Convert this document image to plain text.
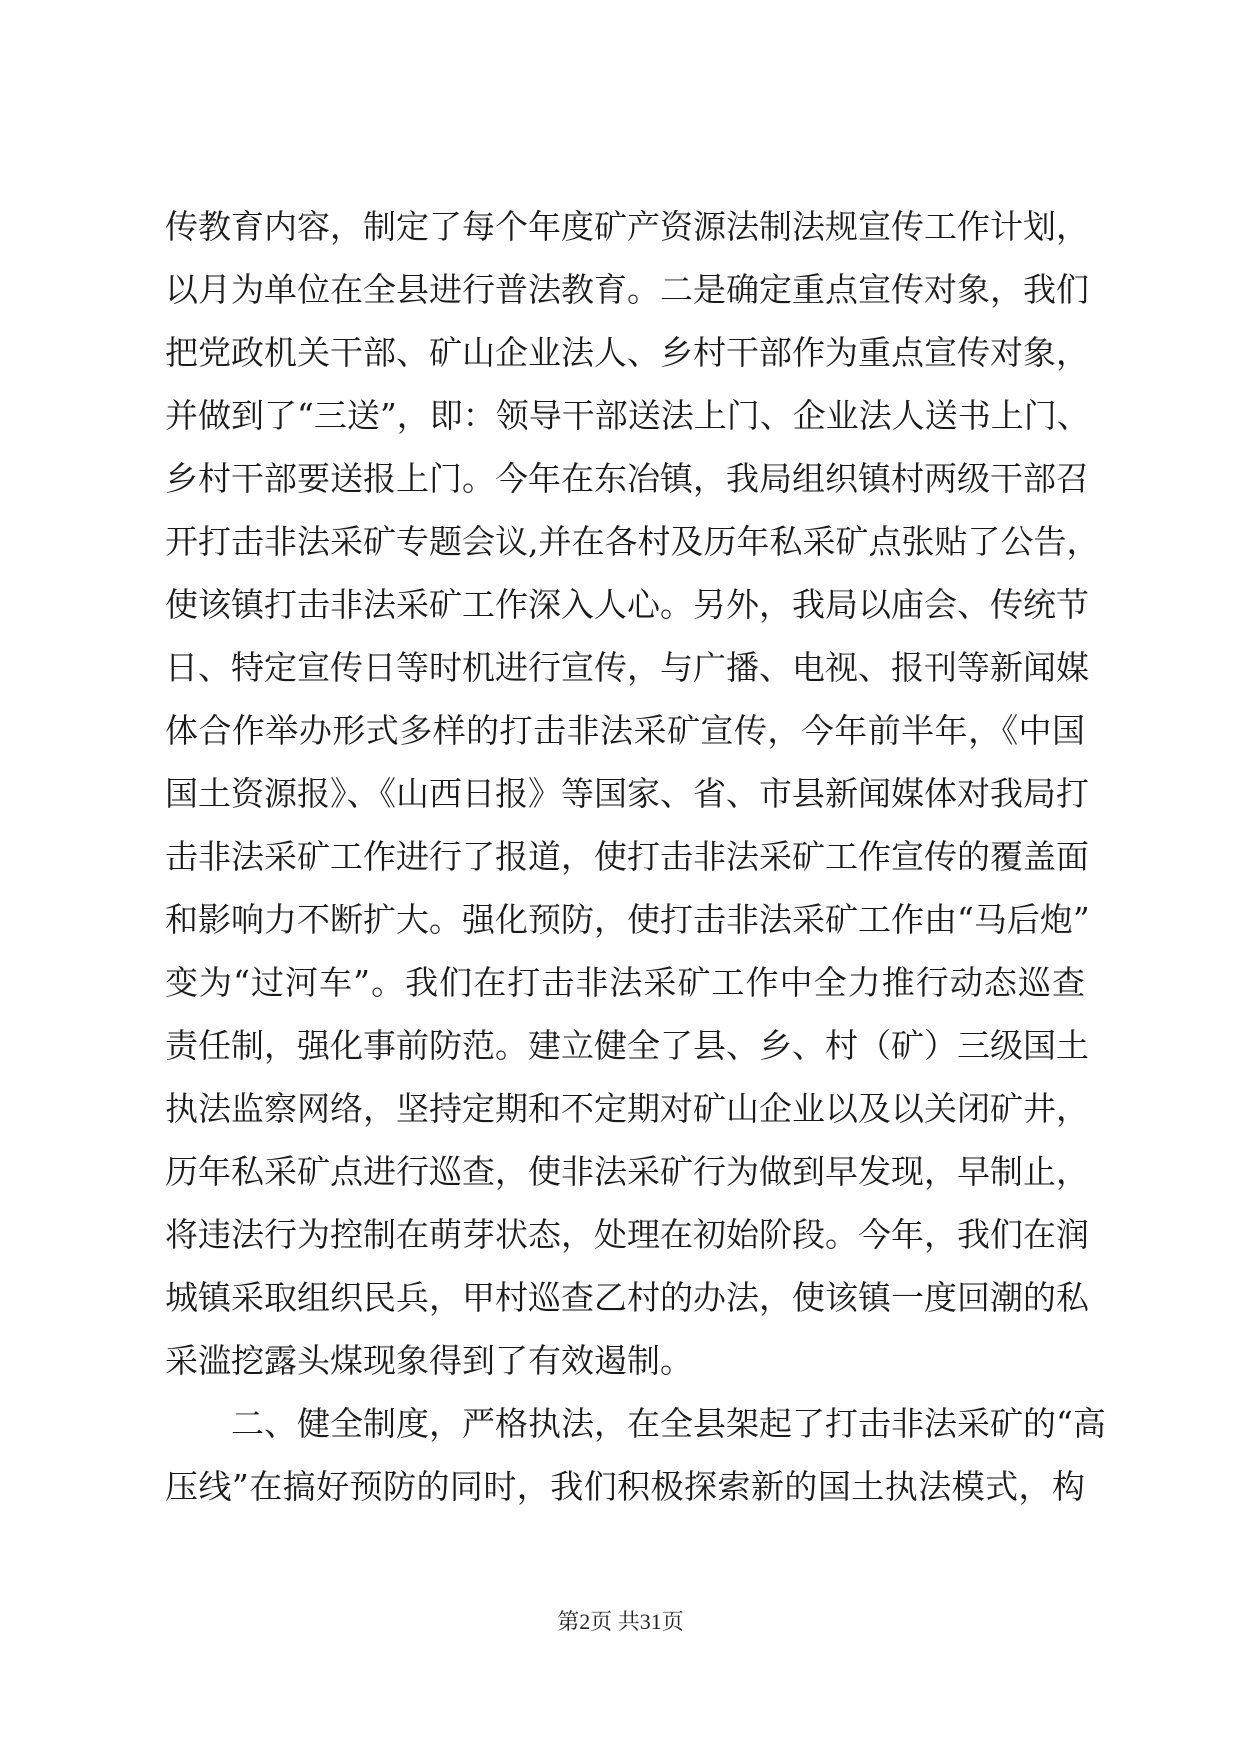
传教育内容，制定了每个年度矿产资源法制法规宣传工作计划，
以月为单位在全县进行普法教育。二是确定重点宣传对象，我们
把党政机关干部、矿山企业法人、乡村干部作为重点宣传对象，
并做到了“三送”，即：领导干部送法上门、企业法人送书上门、
乡村干部要送报上门。今年在东冶镇，我局组织镇村两级干部召
开打击非法采矿专题会议,并在各村及历年私采矿点张贴了公告，
使该镇打击非法采矿工作深入人心。另外，我局以庙会、传统节
日、特定宣传日等时机进行宣传，与广播、电视、报刊等新闻媒
体合作举办形式多样的打击非法采矿宣传，今年前半年，《中国
国土资源报》、《山西日报》等国家、省、市县新闻媒体对我局打
击非法采矿工作进行了报道，使打击非法采矿工作宣传的覆盖面
和影响力不断扩大。强化预防，使打击非法采矿工作由“马后炮”
变为“过河车”。我们在打击非法采矿工作中全力推行动态巡查
责任制，强化事前防范。建立健全了县、乡、村（矿）三级国土
执法监察网络，坚持定期和不定期对矿山企业以及以关闭矿井，
历年私采矿点进行巡查，使非法采矿行为做到早发现，早制止，
将违法行为控制在萌芽状态，处理在初始阶段。今年，我们在润
城镇采取组织民兵，甲村巡查乙村的办法，使该镇一度回潮的私
采滥挖露头煤现象得到了有效遏制。
二、健全制度，严格执法，在全县架起了打击非法采矿的“高
压线”在搞好预防的同时，我们积极探索新的国土执法模式，构
第2页 共31页
